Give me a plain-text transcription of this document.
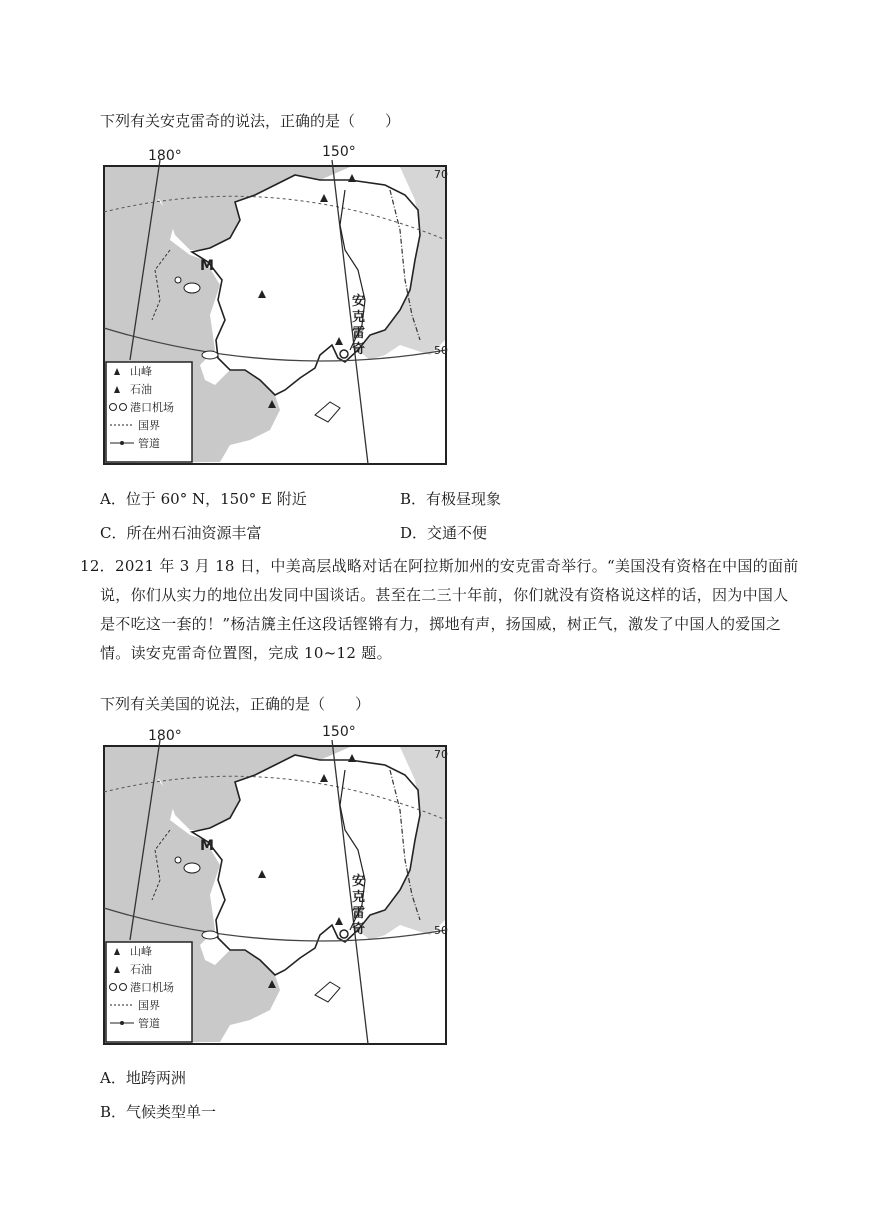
下列有关安克雷奇的说法，正确的是（　　）
180°	150°
70
50
M
安
克
雷
奇
山峰
石油
港口机场
国界
管道
A．位于 60° N，150° E 附近	B．有极昼现象
C．所在州石油资源丰富	D．交通不便
12．2021 年 3 月 18 日，中美高层战略对话在阿拉斯加州的安克雷奇举行。“美国没有资格在中国的面前说，你们从实力的地位出发同中国谈话。甚至在二三十年前，你们就没有资格说这样的话，因为中国人是不吃这一套的！”杨洁篪主任这段话铿锵有力，掷地有声，扬国威，树正气，激发了中国人的爱国之情。读安克雷奇位置图，完成 10~12 题。
下列有关美国的说法，正确的是（　　）
180°	150°
70
50
M
安
克
雷
奇
山峰
石油
港口机场
国界
管道
A．地跨两洲
B．气候类型单一
